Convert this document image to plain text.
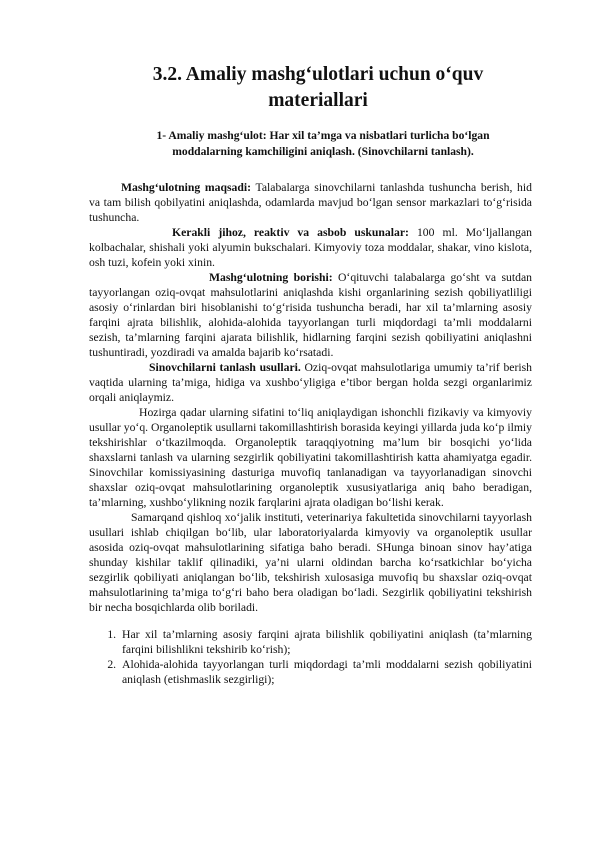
3.2. Amaliy mashg‘ulotlari uchun o‘quv
materiallari
1- Amaliy mashg‘ulot: Har xil ta’mga va nisbatlari turlicha bo‘lgan
moddalarning kamchiligini aniqlash. (Sinovchilarni tanlash).

Mashg‘ulotning maqsadi: Talabalarga sinovchilarni tanlashda tushuncha berish, hid va tam bilish qobilyatini aniqlashda, odamlarda mavjud bo‘lgan sensor markazlari to‘g‘risida tushuncha.

Kerakli jihoz, reaktiv va asbob uskunalar: 100 ml. Mo‘ljallangan kolbachalar, shishali yoki alyumin bukschalari. Kimyoviy toza moddalar, shakar, vino kislota, osh tuzi, kofein yoki xinin.

Mashg‘ulotning borishi: O‘qituvchi talabalarga go‘sht va sutdan tayyorlangan oziq-ovqat mahsulotlarini aniqlashda kishi organlarining sezish qobiliyatliligi asosiy o‘rinlardan biri hisoblanishi to‘g‘risida tushuncha beradi, har xil ta’mlarning asosiy farqini ajrata bilishlik, alohida-alohida tayyorlangan turli miqdordagi ta’mli moddalarni sezish, ta’mlarning farqini ajarata bilishlik, hidlarning farqini sezish qobiliyatini aniqlashni tushuntiradi, yozdiradi va amalda bajarib ko‘rsatadi.

Sinovchilarni tanlash usullari. Oziq-ovqat mahsulotlariga umumiy ta’rif berish vaqtida ularning ta’miga, hidiga va xushbo‘yligiga e’tibor bergan holda sezgi organlarimiz orqali aniqlaymiz.

Hozirga qadar ularning sifatini to‘liq aniqlaydigan ishonchli fizikaviy va kimyoviy usullar yo‘q. Organoleptik usullarni takomillashtirish borasida keyingi yillarda juda ko‘p ilmiy tekshirishlar o‘tkazilmoqda. Organoleptik taraqqiyotning ma’lum bir bosqichi yo‘lida shaxslarni tanlash va ularning sezgirlik qobiliyatini takomillashtirish katta ahamiyatga egadir. Sinovchilar komissiyasining dasturiga muvofiq tanlanadigan va tayyorlanadigan sinovchi shaxslar oziq-ovqat mahsulotlarining organoleptik xususiyatlariga aniq baho beradigan, ta’mlarning, xushbo‘ylikning nozik farqlarini ajrata oladigan bo‘lishi kerak.

Samarqand qishloq xo‘jalik instituti, veterinariya fakultetida sinovchilarni tayyorlash usullari ishlab chiqilgan bo‘lib, ular laboratoriyalarda kimyoviy va organoleptik usullar asosida oziq-ovqat mahsulotlarining sifatiga baho beradi. SHunga binoan sinov hay’atiga shunday kishilar taklif qilinadiki, ya’ni ularni oldindan barcha ko‘rsatkichlar bo‘yicha sezgirlik qobiliyati aniqlangan bo‘lib, tekshirish xulosasiga muvofiq bu shaxslar oziq-ovqat mahsulotlarining ta’miga to‘g‘ri baho bera oladigan bo‘ladi. Sezgirlik qobiliyatini tekshirish bir necha bosqichlarda olib boriladi.

1. Har xil ta’mlarning asosiy farqini ajrata bilishlik qobiliyatini aniqlash (ta’mlarning farqini bilishlikni tekshirib ko‘rish);
2. Alohida-alohida tayyorlangan turli miqdordagi ta’mli moddalarni sezish qobiliyatini aniqlash (etishmaslik sezgirligi);
